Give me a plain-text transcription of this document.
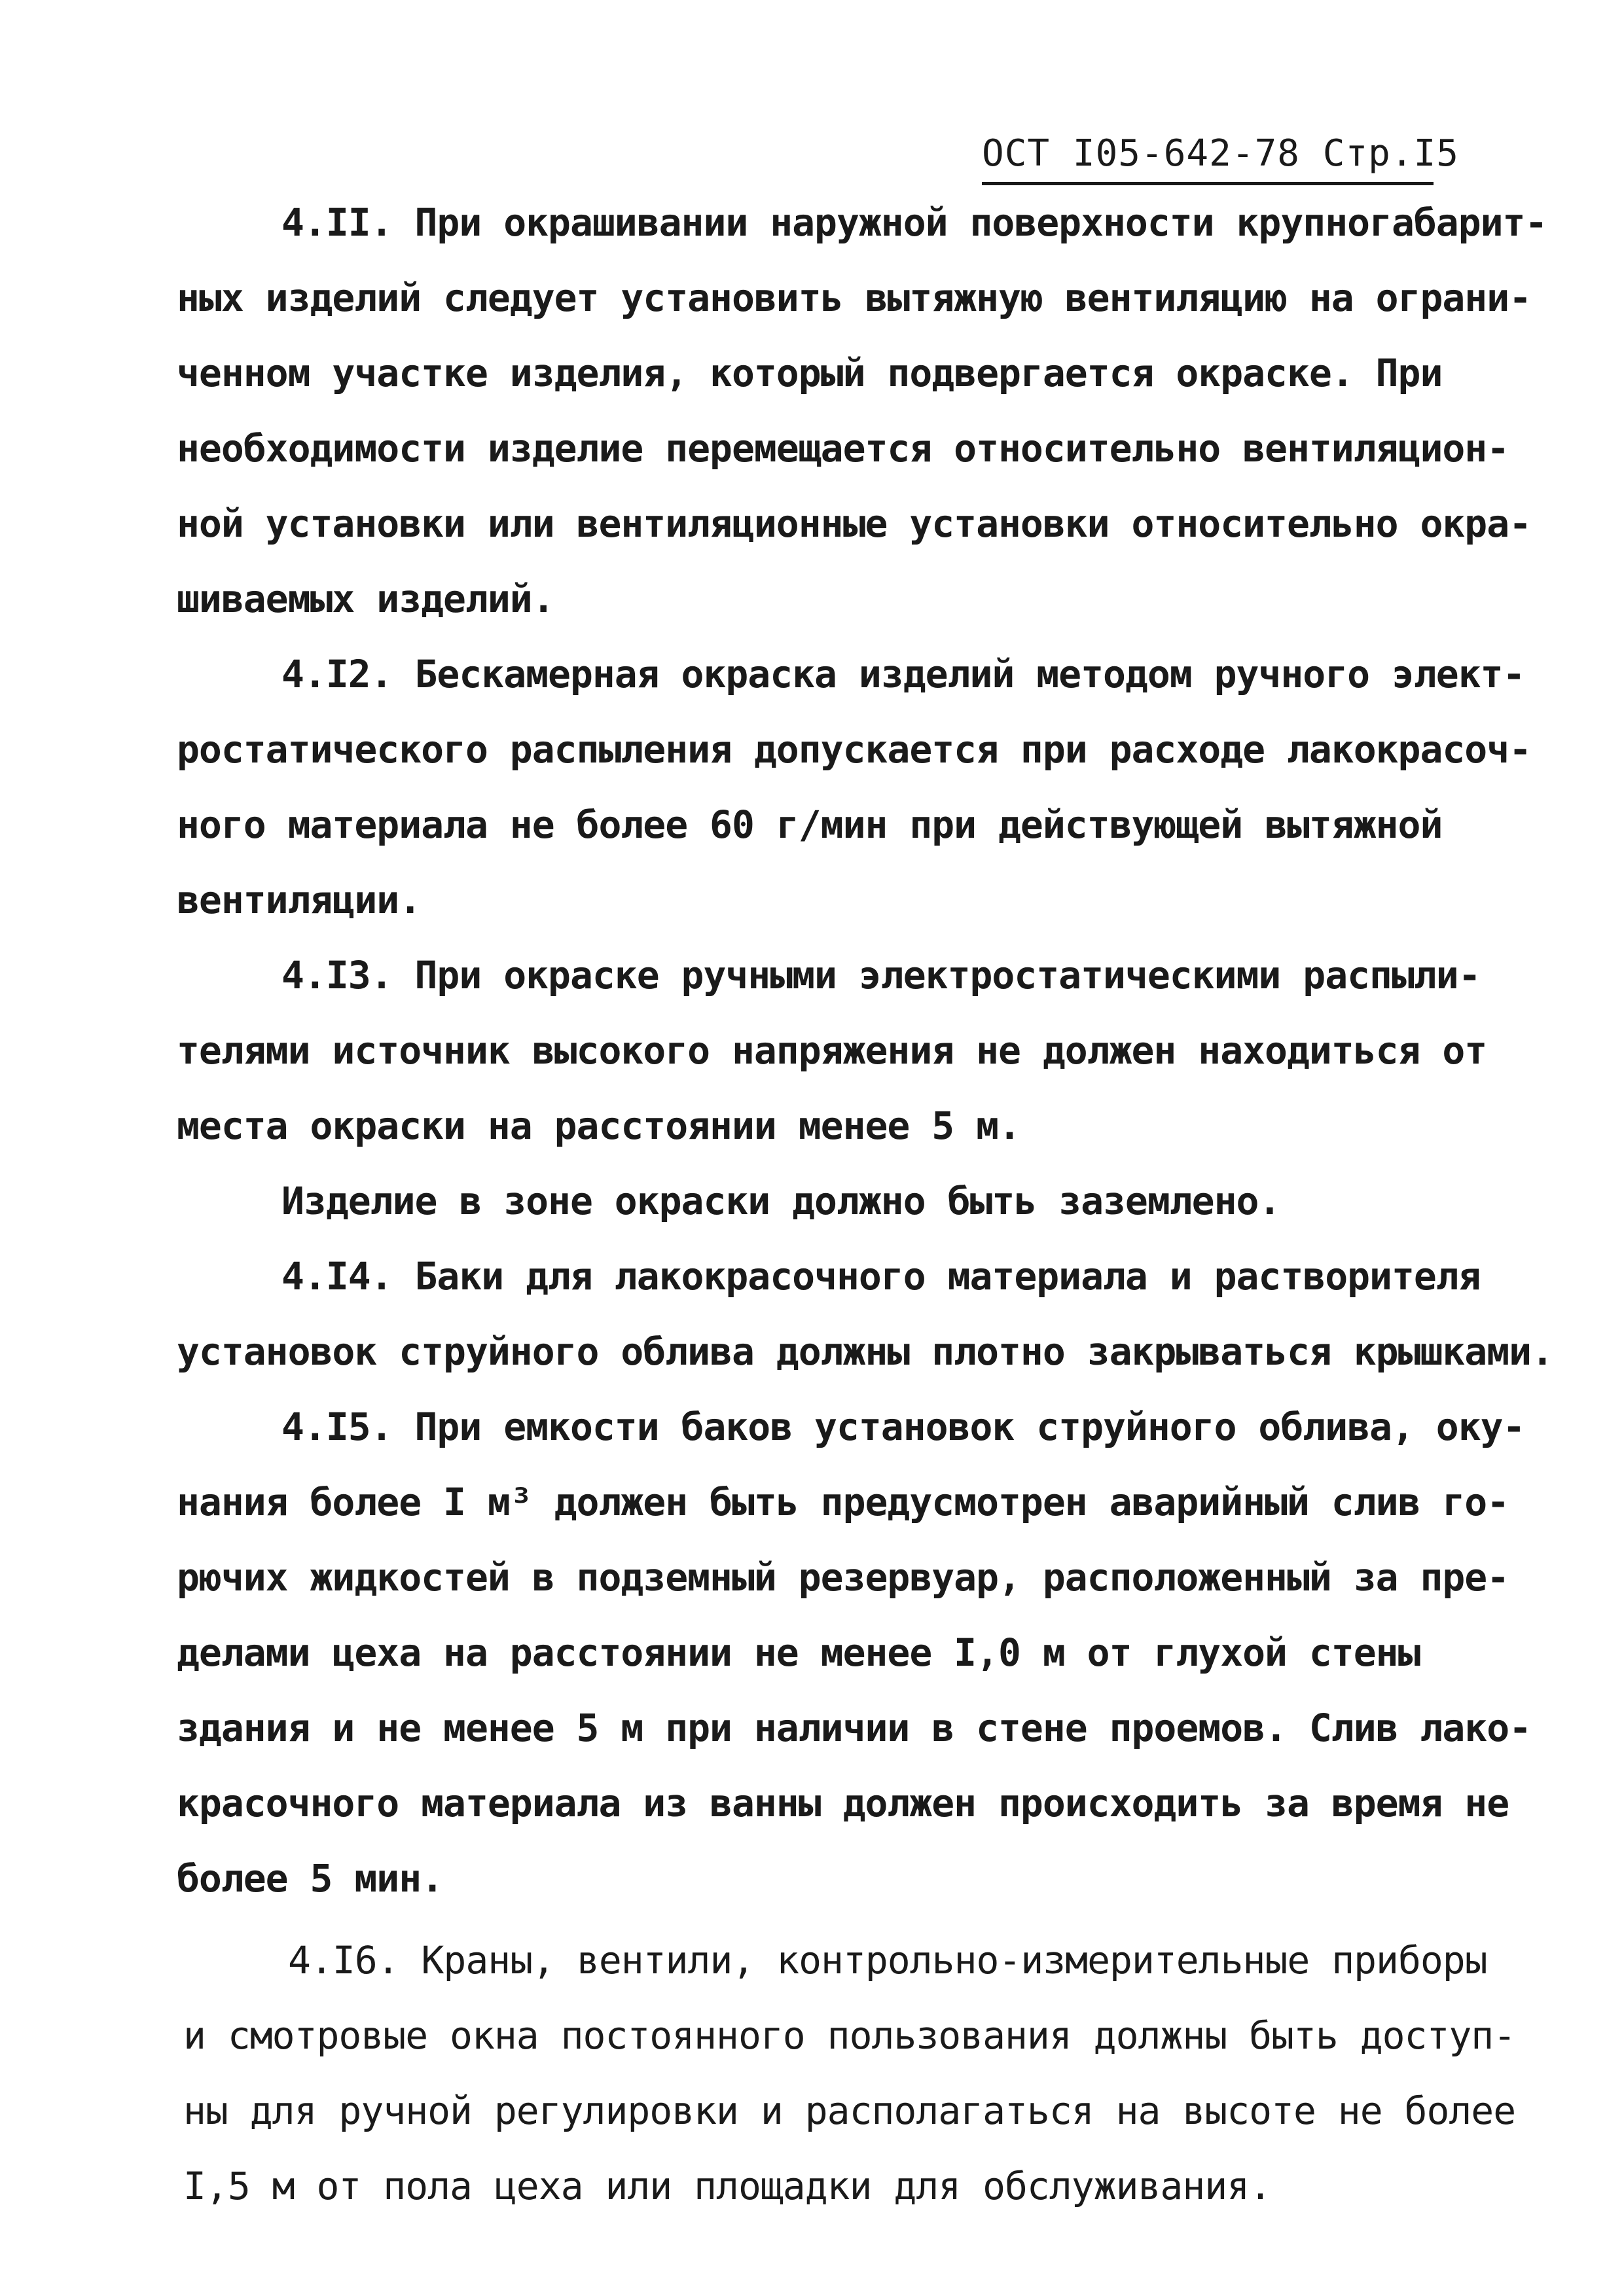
ОСТ I05-642-78 Стр.I5
4.II. При окрашивании наружной поверхности крупногабарит-
ных изделий следует установить вытяжную вентиляцию на ограни-
ченном участке изделия, который подвергается окраске. При
необходимости изделие перемещается относительно вентиляцион-
ной установки или вентиляционные установки относительно окра-
шиваемых изделий.
4.I2. Бескамерная окраска изделий методом ручного элект-
ростатического распыления допускается при расходе лакокрасоч-
ного материала не более 60 г/мин при действующей вытяжной
вентиляции.
4.I3. При окраске ручными электростатическими распыли-
телями источник высокого напряжения не должен находиться от
места окраски на расстоянии менее 5 м.
Изделие в зоне окраски должно быть заземлено.
4.I4. Баки для лакокрасочного материала и растворителя
установок струйного облива должны плотно закрываться крышками.
4.I5. При емкости баков установок струйного облива, оку-
нания более I м³ должен быть предусмотрен аварийный слив го-
рючих жидкостей в подземный резервуар, расположенный за пре-
делами цеха на расстоянии не менее I,0 м от глухой стены
здания и не менее 5 м при наличии в стене проемов. Слив лако-
красочного материала из ванны должен происходить за время не
более 5 мин.
4.I6. Краны, вентили, контрольно-измерительные приборы
и смотровые окна постоянного пользования должны быть доступ-
ны для ручной регулировки и располагаться на высоте не более
I,5 м от пола цеха или площадки для обслуживания.
